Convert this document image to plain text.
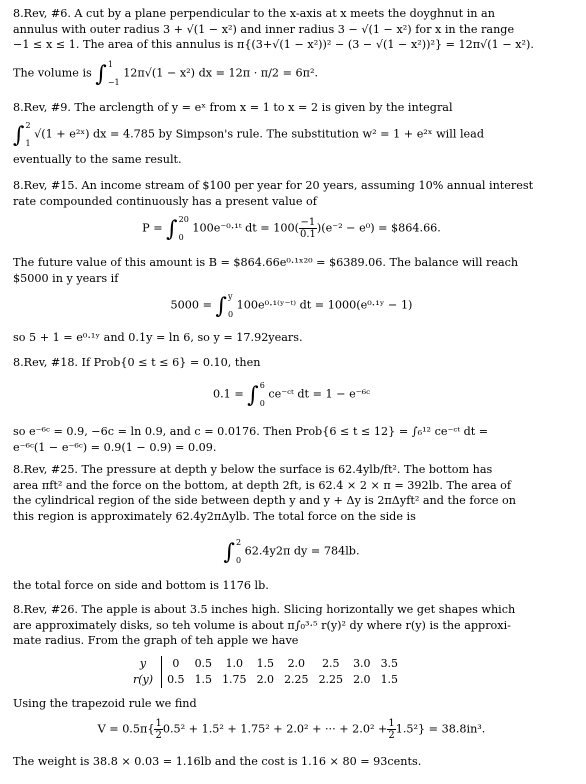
8.Rev, #6. A cut by a plane perpendicular to the x-axis at x meets the doyghnut in an

annulus with outer radius 3 + √(1 − x²) and inner radius 3 − √(1 − x²) for x in the range

−1 ≤ x ≤ 1. The area of this annulus is π{(3+√(1 − x²))² − (3 − √(1 − x²))²} = 12π√(1 − x²).

The volume is ∫1

−1 12π√(1 − x²) dx = 12π · π/2 = 6π².

8.Rev, #9. The arclength of y = eˣ from x = 1 to x = 2 is given by the integral

∫2

1 √(1 + e²ˣ) dx = 4.785 by Simpson's rule. The substitution w² = 1 + e²ˣ will lead

eventually to the same result.

8.Rev, #15. An income stream of $100 per year for 20 years, assuming 10% annual interest

rate compounded continuously has a present value of

P = ∫20

0 100e⁻⁰·¹ᵗ dt = $100( \frac{-1}{0.1} )(e^{-2} - e^0)$ = $864.66.

The future value of this amount is B = $864.66e⁰·¹ˣ²⁰ = $6389.06. The balance will reach

$5000 in y years if

5000 = ∫y

0 100e⁰·¹⁽ʸ⁻ᵗ⁾ dt = 1000(e⁰·¹ʸ − 1)

so 5 + 1 = e⁰·¹ʸ and 0.1y = ln 6, so y = 17.92years.

8.Rev, #18. If Prob{0 ≤ t ≤ 6} = 0.10, then

0.1 = ∫6

0 ce⁻ᶜᵗ dt = 1 − e⁻⁶ᶜ

so e⁻⁶ᶜ = 0.9, −6c = ln 0.9, and c = 0.0176. Then Prob{6 ≤ t ≤ 12} = ∫₆¹² ce⁻ᶜᵗ dt =

e⁻⁶ᶜ(1 − e⁻⁶ᶜ) = 0.9(1 − 0.9) = 0.09.

8.Rev, #25. The pressure at depth y below the surface is 62.4ylb/ft². The bottom has

area πft² and the force on the bottom, at depth 2ft, is 62.4 × 2 × π = 392lb. The area of

the cylindrical region of the side between depth y and y + Δy is 2πΔyft² and the force on

this region is approximately 62.4y2πΔylb. The total force on the side is

∫2

0 62.4y2π dy = 784lb.

the total force on side and bottom is 1176 lb.

8.Rev, #26. The apple is about 3.5 inches high. Slicing horizontally we get shapes which

are approximately disks, so teh volume is about π∫₀³·⁵ r(y)² dy where r(y) is the approxi-

mate radius. From the graph of teh apple we have

y	0	0.5	1.0	1.5	2.0	2.5	3.0	3.5
r(y)	0.5	1.5	1.75	2.0	2.25	2.25	2.0	1.5

Using the trapezoid rule we find

$V = 0.5\pi\{ \frac{1}{2} 0.5^2 + 1.5^2 + 1.75^2 + 2.0^2$ + ··· + $2.0^2 + \frac{1}{2} 1.5^2\} = 38.8in^3$.

The weight is 38.8 × 0.03 = 1.16lb and the cost is 1.16 × 80 = 93cents.
